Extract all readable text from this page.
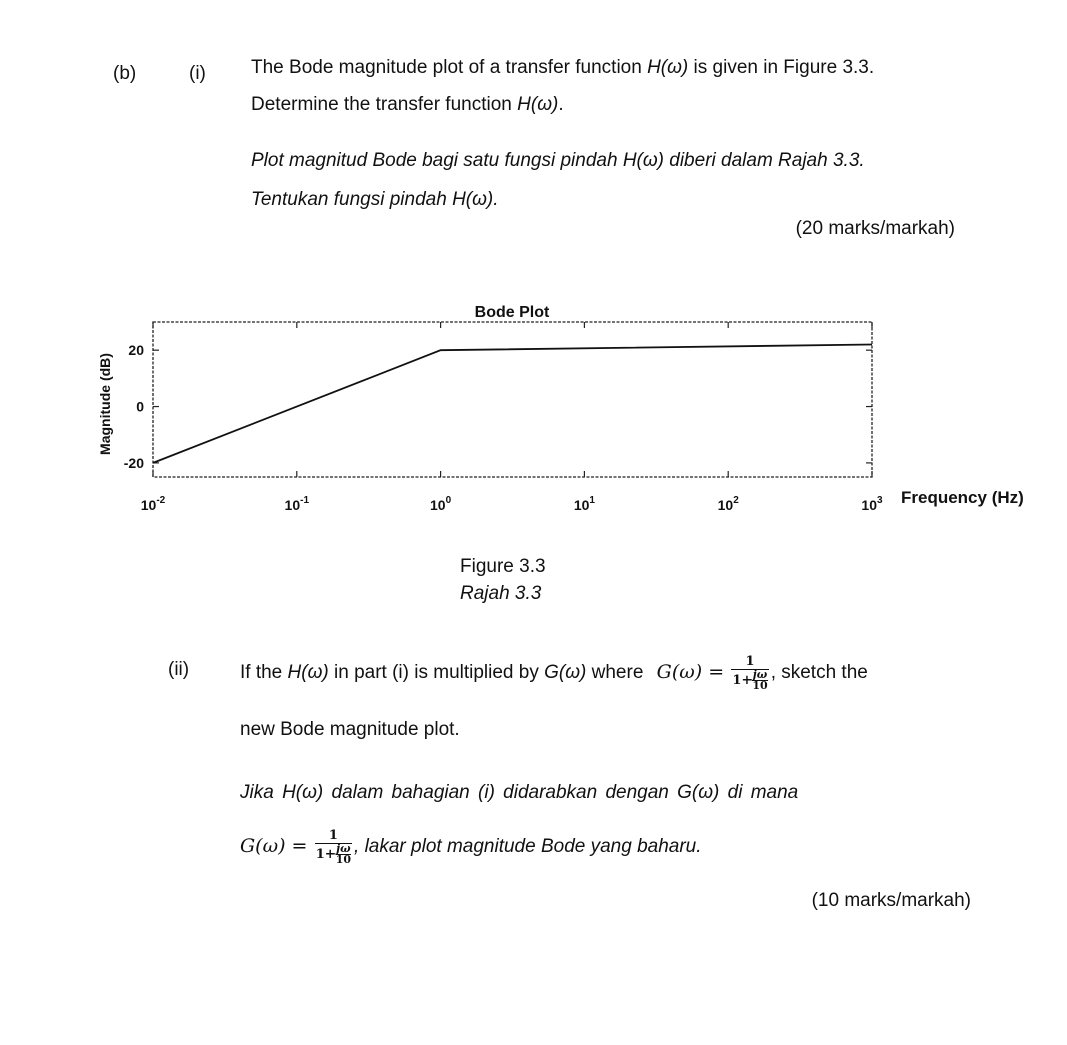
(b)	(i) The Bode magnitude plot of a transfer function H(ω) is given in Figure 3.3.
Determine the transfer function H(ω).
Plot magnitud Bode bagi satu fungsi pindah H(ω) diberi dalam Rajah 3.3.
Tentukan fungsi pindah H(ω).
(20 marks/markah)
Bode Plot
20
0
-20
$10^{-2}$	$10^{-1}$	$10^0$	$10^1$	$10^2$	$10^3$ Frequency (Hz)
Magnitude (dB)
Figure 3.3
Rajah 3.3
(ii)	If the H(ω) in part (i) is multiplied by G(ω) where $G(\omega) = \frac{1}{1+ \frac{j\omega}{10}}$ , sketch the
new Bode magnitude plot.
Jika H(ω) dalam bahagian (i) didarabkan dengan G(ω) di mana
$G(\omega) = \frac{1}{1+ \frac{j\omega}{10}}$ , lakar plot magnitude Bode yang baharu.
(10 marks/markah)
